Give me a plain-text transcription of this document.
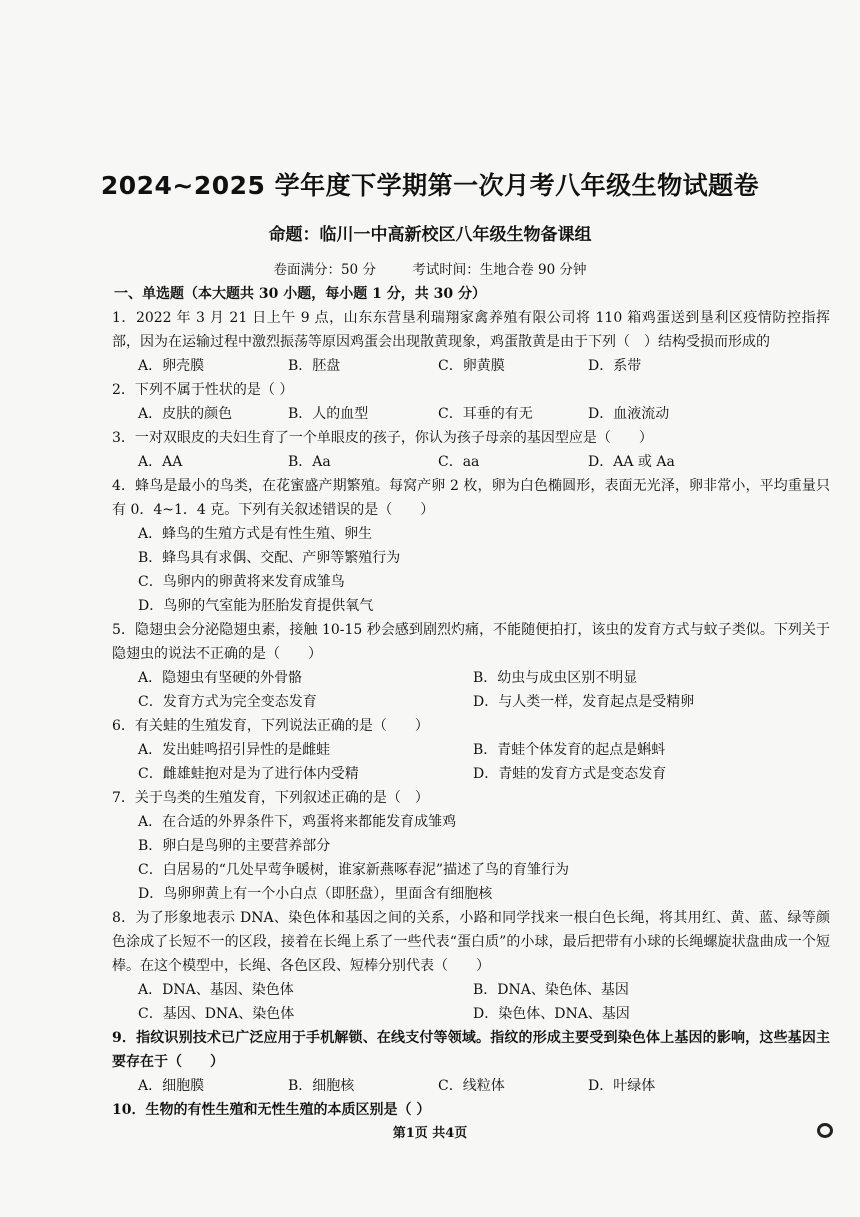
2024~2025 学年度下学期第一次月考八年级生物试题卷
命题：临川一中高新校区八年级生物备课组
卷面满分：50 分	考试时间：生地合卷 90 分钟
一、单选题（本大题共 30 小题，每小题 1 分，共 30 分）
1．2022 年 3 月 21 日上午 9 点，山东东营垦利瑞翔家禽养殖有限公司将 110 箱鸡蛋送到垦利区疫情防控指挥部，因为在运输过程中激烈振荡等原因鸡蛋会出现散黄现象，鸡蛋散黄是由于下列（　）结构受损而形成的
A．卵壳膜	B．胚盘	C．卵黄膜	D．系带
2．下列不属于性状的是（ ）
A．皮肤的颜色	B．人的血型	C．耳垂的有无	D．血液流动
3．一对双眼皮的夫妇生育了一个单眼皮的孩子，你认为孩子母亲的基因型应是（　　）
A．AA	B．Aa	C．aa	D．AA 或 Aa
4．蜂鸟是最小的鸟类，在花蜜盛产期繁殖。每窝产卵 2 枚，卵为白色椭圆形，表面无光泽，卵非常小，平均重量只有 0．4~1．4 克。下列有关叙述错误的是（　　）
A．蜂鸟的生殖方式是有性生殖、卵生
B．蜂鸟具有求偶、交配、产卵等繁殖行为
C．鸟卵内的卵黄将来发育成雏鸟
D．鸟卵的气室能为胚胎发育提供氧气
5．隐翅虫会分泌隐翅虫素，接触 10-15 秒会感到剧烈灼痛，不能随便拍打，该虫的发育方式与蚊子类似。下列关于隐翅虫的说法不正确的是（　　）
A．隐翅虫有坚硬的外骨骼	B．幼虫与成虫区别不明显
C．发育方式为完全变态发育	D．与人类一样，发育起点是受精卵
6．有关蛙的生殖发育，下列说法正确的是（　　）
A．发出蛙鸣招引异性的是雌蛙	B．青蛙个体发育的起点是蝌蚪
C．雌雄蛙抱对是为了进行体内受精	D．青蛙的发育方式是变态发育
7．关于鸟类的生殖发育，下列叙述正确的是（　）
A．在合适的外界条件下，鸡蛋将来都能发育成雏鸡
B．卵白是鸟卵的主要营养部分
C．白居易的“几处早莺争暖树，谁家新燕啄春泥”描述了鸟的育雏行为
D．鸟卵卵黄上有一个小白点（即胚盘），里面含有细胞核
8．为了形象地表示 DNA、染色体和基因之间的关系，小路和同学找来一根白色长绳，将其用红、黄、蓝、绿等颜色涂成了长短不一的区段，接着在长绳上系了一些代表“蛋白质”的小球，最后把带有小球的长绳螺旋状盘曲成一个短棒。在这个模型中，长绳、各色区段、短棒分别代表（　　）
A．DNA、基因、染色体	B．DNA、染色体、基因
C．基因、DNA、染色体	D．染色体、DNA、基因
9．指纹识别技术已广泛应用于手机解锁、在线支付等领域。指纹的形成主要受到染色体上基因的影响，这些基因主要存在于（　　）
A．细胞膜	B．细胞核	C．线粒体	D．叶绿体
10．生物的有性生殖和无性生殖的本质区别是（ ）
第1页 共4页
